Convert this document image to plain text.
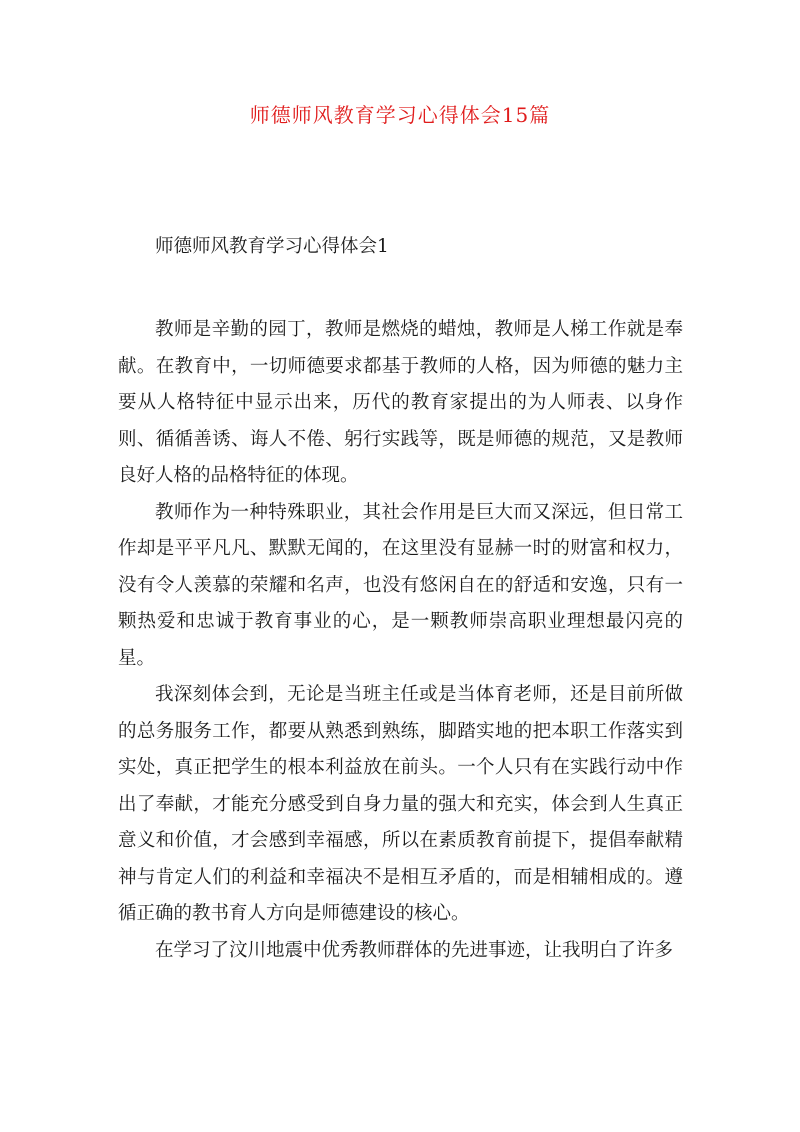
师德师风教育学习心得体会15篇
师德师风教育学习心得体会1

教师是辛勤的园丁，教师是燃烧的蜡烛，教师是人梯工作就是奉献。在教育中，一切师德要求都基于教师的人格，因为师德的魅力主要从人格特征中显示出来，历代的教育家提出的为人师表、以身作则、循循善诱、诲人不倦、躬行实践等，既是师德的规范，又是教师良好人格的品格特征的体现。

教师作为一种特殊职业，其社会作用是巨大而又深远，但日常工作却是平平凡凡、默默无闻的，在这里没有显赫一时的财富和权力，没有令人羡慕的荣耀和名声，也没有悠闲自在的舒适和安逸，只有一颗热爱和忠诚于教育事业的心，是一颗教师崇高职业理想最闪亮的星。

我深刻体会到，无论是当班主任或是当体育老师，还是目前所做的总务服务工作，都要从熟悉到熟练，脚踏实地的把本职工作落实到实处，真正把学生的根本利益放在前头。一个人只有在实践行动中作出了奉献，才能充分感受到自身力量的强大和充实，体会到人生真正意义和价值，才会感到幸福感，所以在素质教育前提下，提倡奉献精神与肯定人们的利益和幸福决不是相互矛盾的，而是相辅相成的。遵循正确的教书育人方向是师德建设的核心。

在学习了汶川地震中优秀教师群体的先进事迹，让我明白了许多
